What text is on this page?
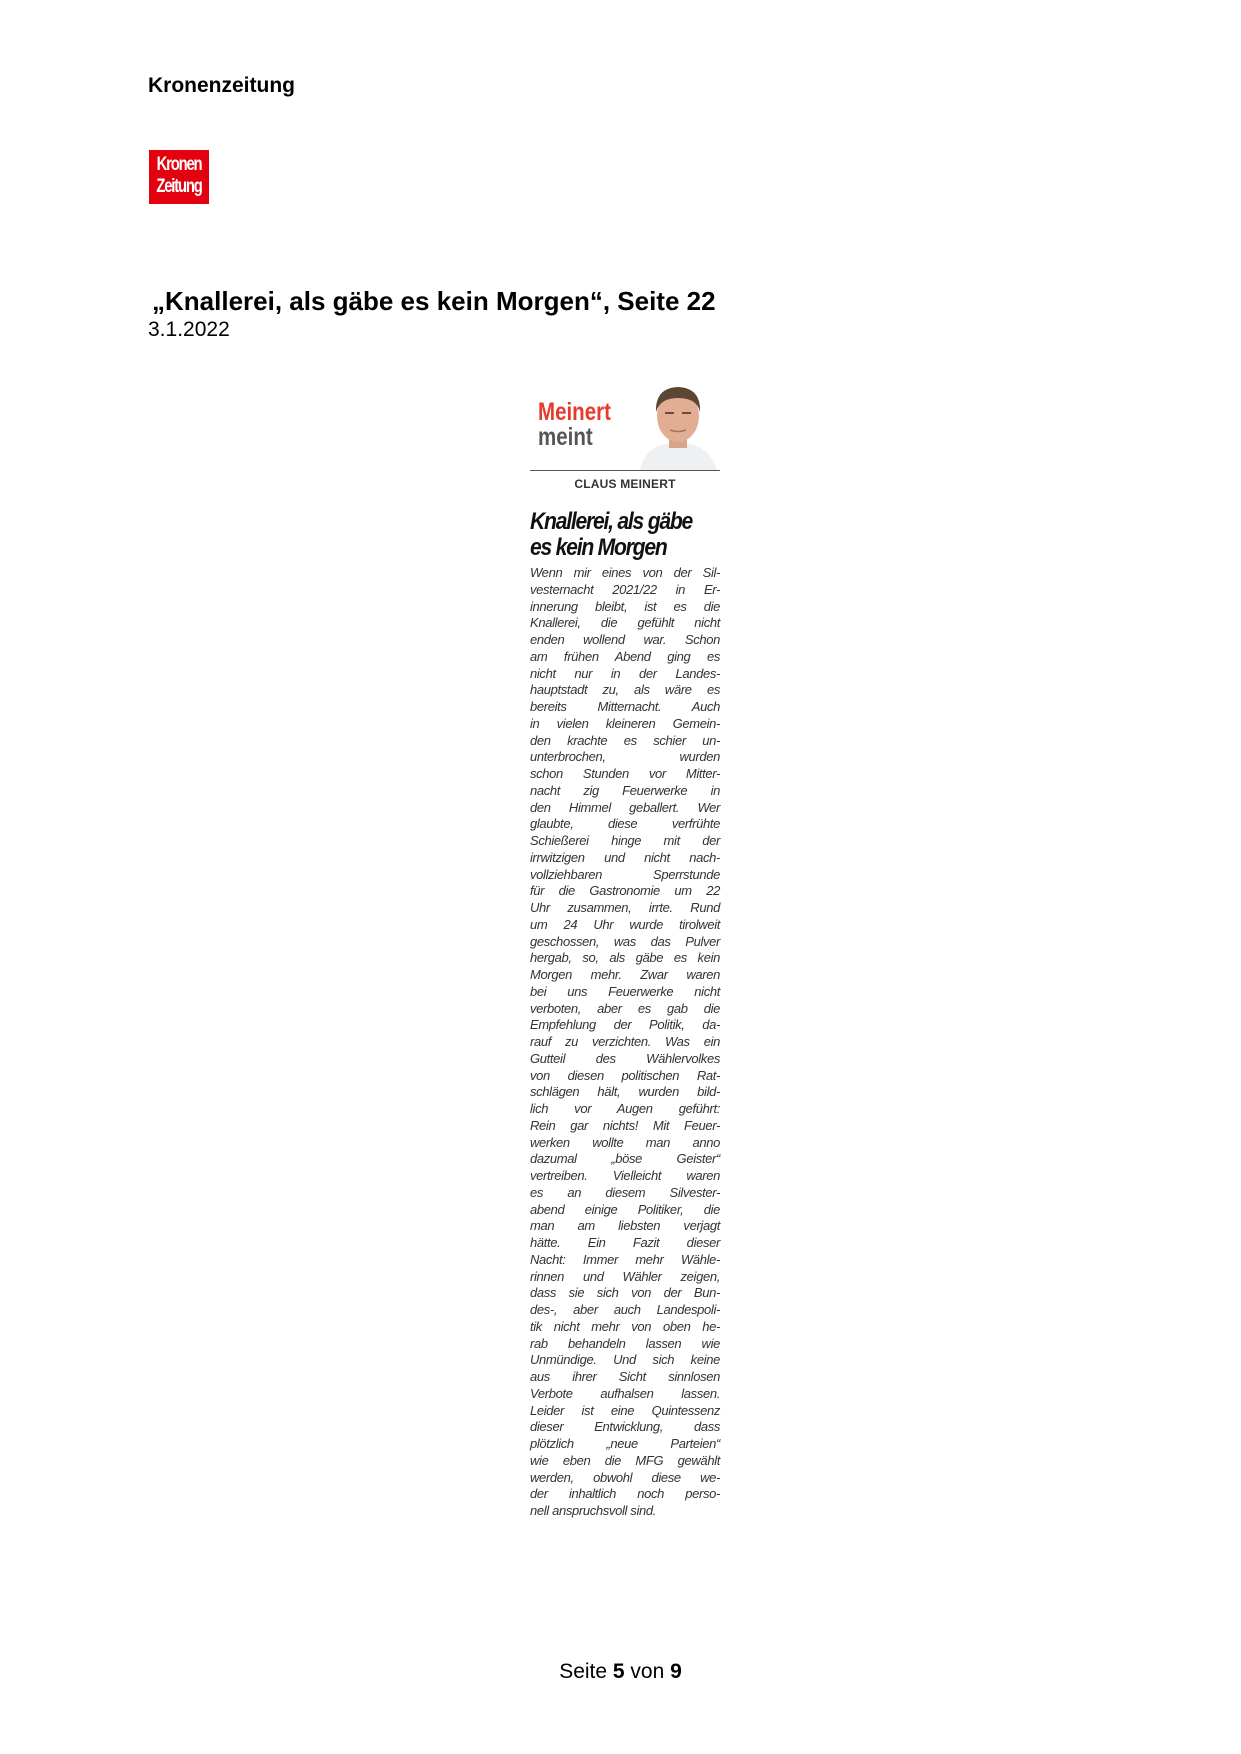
Kronenzeitung
Kronen
Zeitung
„Knallerei, als gäbe es kein Morgen“, Seite 22
3.1.2022
Meinert
meint
CLAUS MEINERT
Knallerei, als gäbe
es kein Morgen
Wenn mir eines von der Sil-
vesternacht 2021/22 in Er-
innerung bleibt, ist es die
Knallerei, die gefühlt nicht
enden wollend war. Schon
am frühen Abend ging es
nicht nur in der Landes-
hauptstadt zu, als wäre es
bereits Mitternacht. Auch
in vielen kleineren Gemein-
den krachte es schier un-
unterbrochen, wurden
schon Stunden vor Mitter-
nacht zig Feuerwerke in
den Himmel geballert. Wer
glaubte, diese verfrühte
Schießerei hinge mit der
irrwitzigen und nicht nach-
vollziehbaren Sperrstunde
für die Gastronomie um 22
Uhr zusammen, irrte. Rund
um 24 Uhr wurde tirolweit
geschossen, was das Pulver
hergab, so, als gäbe es kein
Morgen mehr. Zwar waren
bei uns Feuerwerke nicht
verboten, aber es gab die
Empfehlung der Politik, da-
rauf zu verzichten. Was ein
Gutteil des Wählervolkes
von diesen politischen Rat-
schlägen hält, wurden bild-
lich vor Augen geführt:
Rein gar nichts! Mit Feuer-
werken wollte man anno
dazumal „böse Geister“
vertreiben. Vielleicht waren
es an diesem Silvester-
abend einige Politiker, die
man am liebsten verjagt
hätte. Ein Fazit dieser
Nacht: Immer mehr Wähle-
rinnen und Wähler zeigen,
dass sie sich von der Bun-
des-, aber auch Landespoli-
tik nicht mehr von oben he-
rab behandeln lassen wie
Unmündige. Und sich keine
aus ihrer Sicht sinnlosen
Verbote aufhalsen lassen.
Leider ist eine Quintessenz
dieser Entwicklung, dass
plötzlich „neue Parteien“
wie eben die MFG gewählt
werden, obwohl diese we-
der inhaltlich noch perso-
nell anspruchsvoll sind.
Seite 5 von 9
